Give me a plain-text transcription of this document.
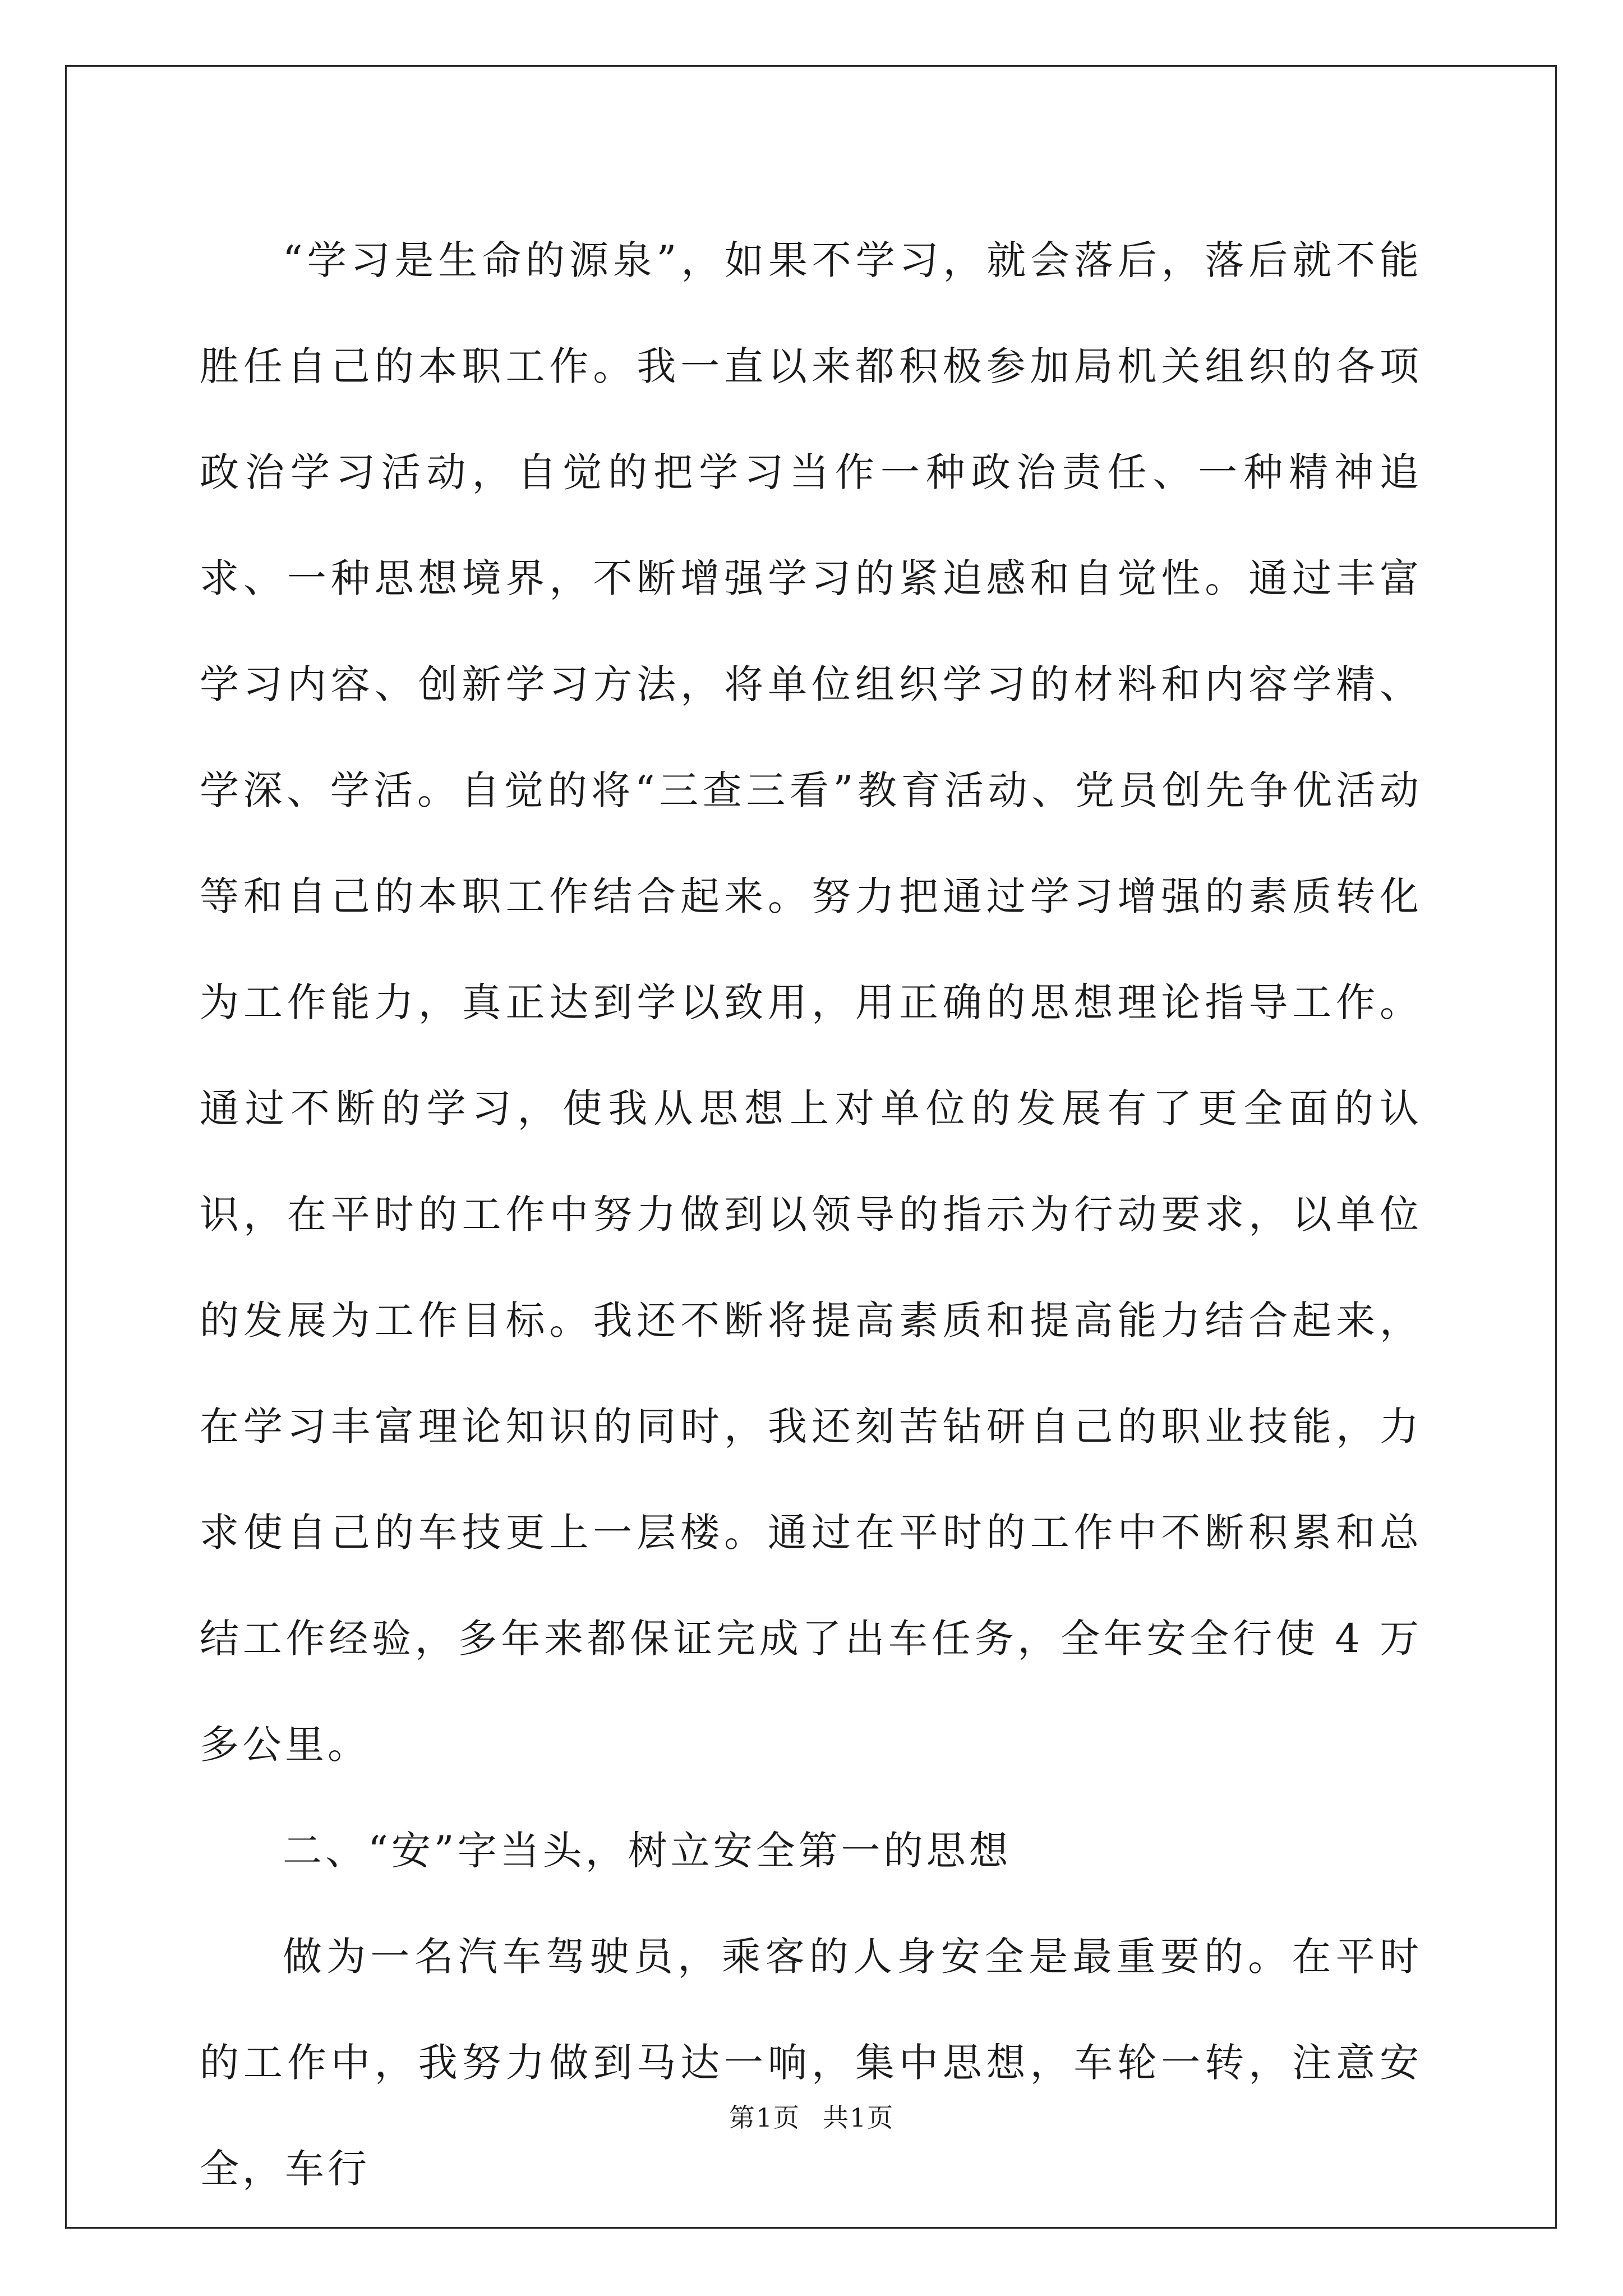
“学习是生命的源泉”，如果不学习，就会落后，落后就不能胜任自己的本职工作。我一直以来都积极参加局机关组织的各项政治学习活动，自觉的把学习当作一种政治责任、一种精神追求、一种思想境界，不断增强学习的紧迫感和自觉性。通过丰富学习内容、创新学习方法，将单位组织学习的材料和内容学精、学深、学活。自觉的将“三查三看”教育活动、党员创先争优活动等和自己的本职工作结合起来。努力把通过学习增强的素质转化为工作能力，真正达到学以致用，用正确的思想理论指导工作。通过不断的学习，使我从思想上对单位的发展有了更全面的认识，在平时的工作中努力做到以领导的指示为行动要求，以单位的发展为工作目标。我还不断将提高素质和提高能力结合起来，在学习丰富理论知识的同时，我还刻苦钻研自己的职业技能，力求使自己的车技更上一层楼。通过在平时的工作中不断积累和总结工作经验，多年来都保证完成了出车任务，全年安全行使 4 万多公里。

二、“安”字当头，树立安全第一的思想

做为一名汽车驾驶员，乘客的人身安全是最重要的。在平时的工作中，我努力做到马达一响，集中思想，车轮一转，注意安全，车行

第1页 共1页
